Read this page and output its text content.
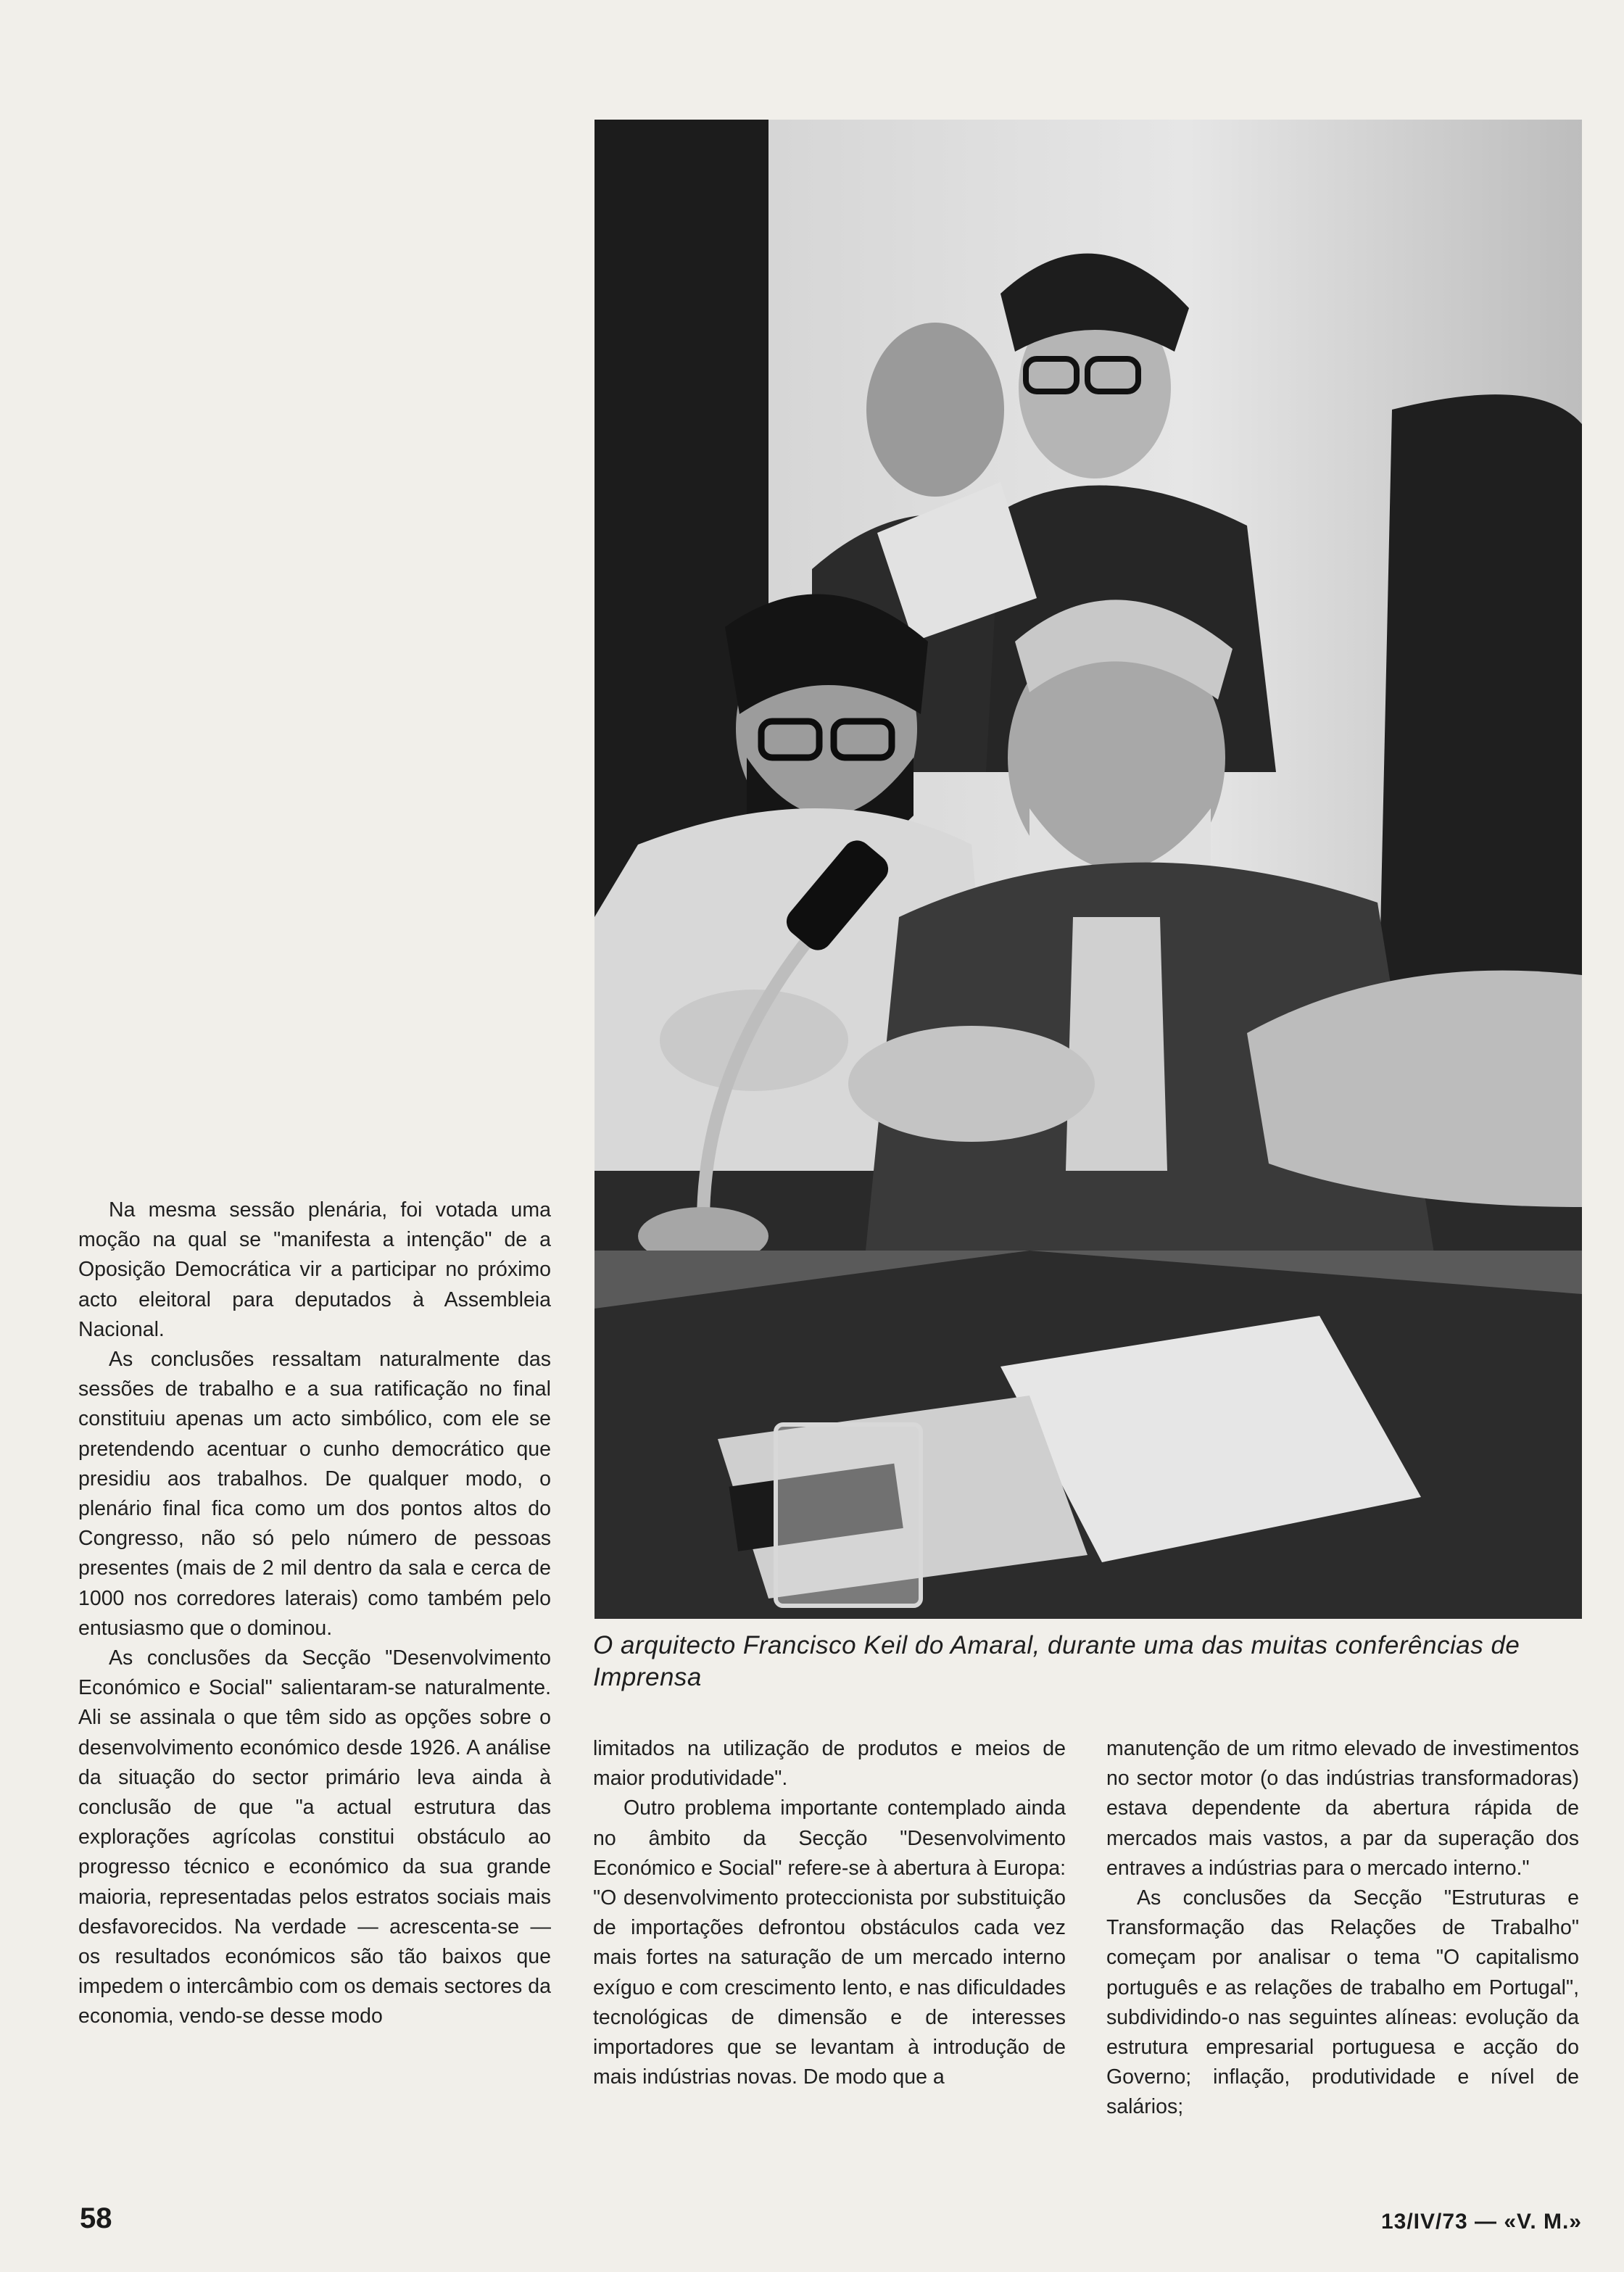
O arquitecto Francisco Keil do Amaral, durante uma das muitas conferências de Imprensa

Na mesma sessão plenária, foi votada uma moção na qual se "manifesta a intenção" de a Oposição Democrática vir a participar no próximo acto eleitoral para deputados à Assembleia Nacional.

As conclusões ressaltam naturalmente das sessões de trabalho e a sua ratificação no final constituiu apenas um acto simbólico, com ele se pretendendo acentuar o cunho democrático que presidiu aos trabalhos. De qualquer modo, o plenário final fica como um dos pontos altos do Congresso, não só pelo número de pessoas presentes (mais de 2 mil dentro da sala e cerca de 1000 nos corredores laterais) como também pelo entusiasmo que o dominou.

As conclusões da Secção "Desenvolvimento Económico e Social" salientaram-se naturalmente. Ali se assinala o que têm sido as opções sobre o desenvolvimento económico desde 1926. A análise da situação do sector primário leva ainda à conclusão de que "a actual estrutura das explorações agrícolas constitui obstáculo ao progresso técnico e económico da sua grande maioria, representadas pelos estratos sociais mais desfavorecidos. Na verdade — acrescenta-se — os resultados económicos são tão baixos que impedem o intercâmbio com os demais sectores da economia, vendo-se desse modo

limitados na utilização de produtos e meios de maior produtividade".

Outro problema importante contemplado ainda no âmbito da Secção "Desenvolvimento Económico e Social" refere-se à abertura à Europa: "O desenvolvimento proteccionista por substituição de importações defrontou obstáculos cada vez mais fortes na saturação de um mercado interno exíguo e com crescimento lento, e nas dificuldades tecnológicas de dimensão e de interesses importadores que se levantam à introdução de mais indústrias novas. De modo que a

manutenção de um ritmo elevado de investimentos no sector motor (o das indústrias transformadoras) estava dependente da abertura rápida de mercados mais vastos, a par da superação dos entraves a indústrias para o mercado interno."

As conclusões da Secção "Estruturas e Transformação das Relações de Trabalho" começam por analisar o tema "O capitalismo português e as relações de trabalho em Portugal", subdividindo-o nas seguintes alíneas: evolução da estrutura empresarial portuguesa e acção do Governo; inflação, produtividade e nível de salários;

58	13/IV/73 — «V. M.»
